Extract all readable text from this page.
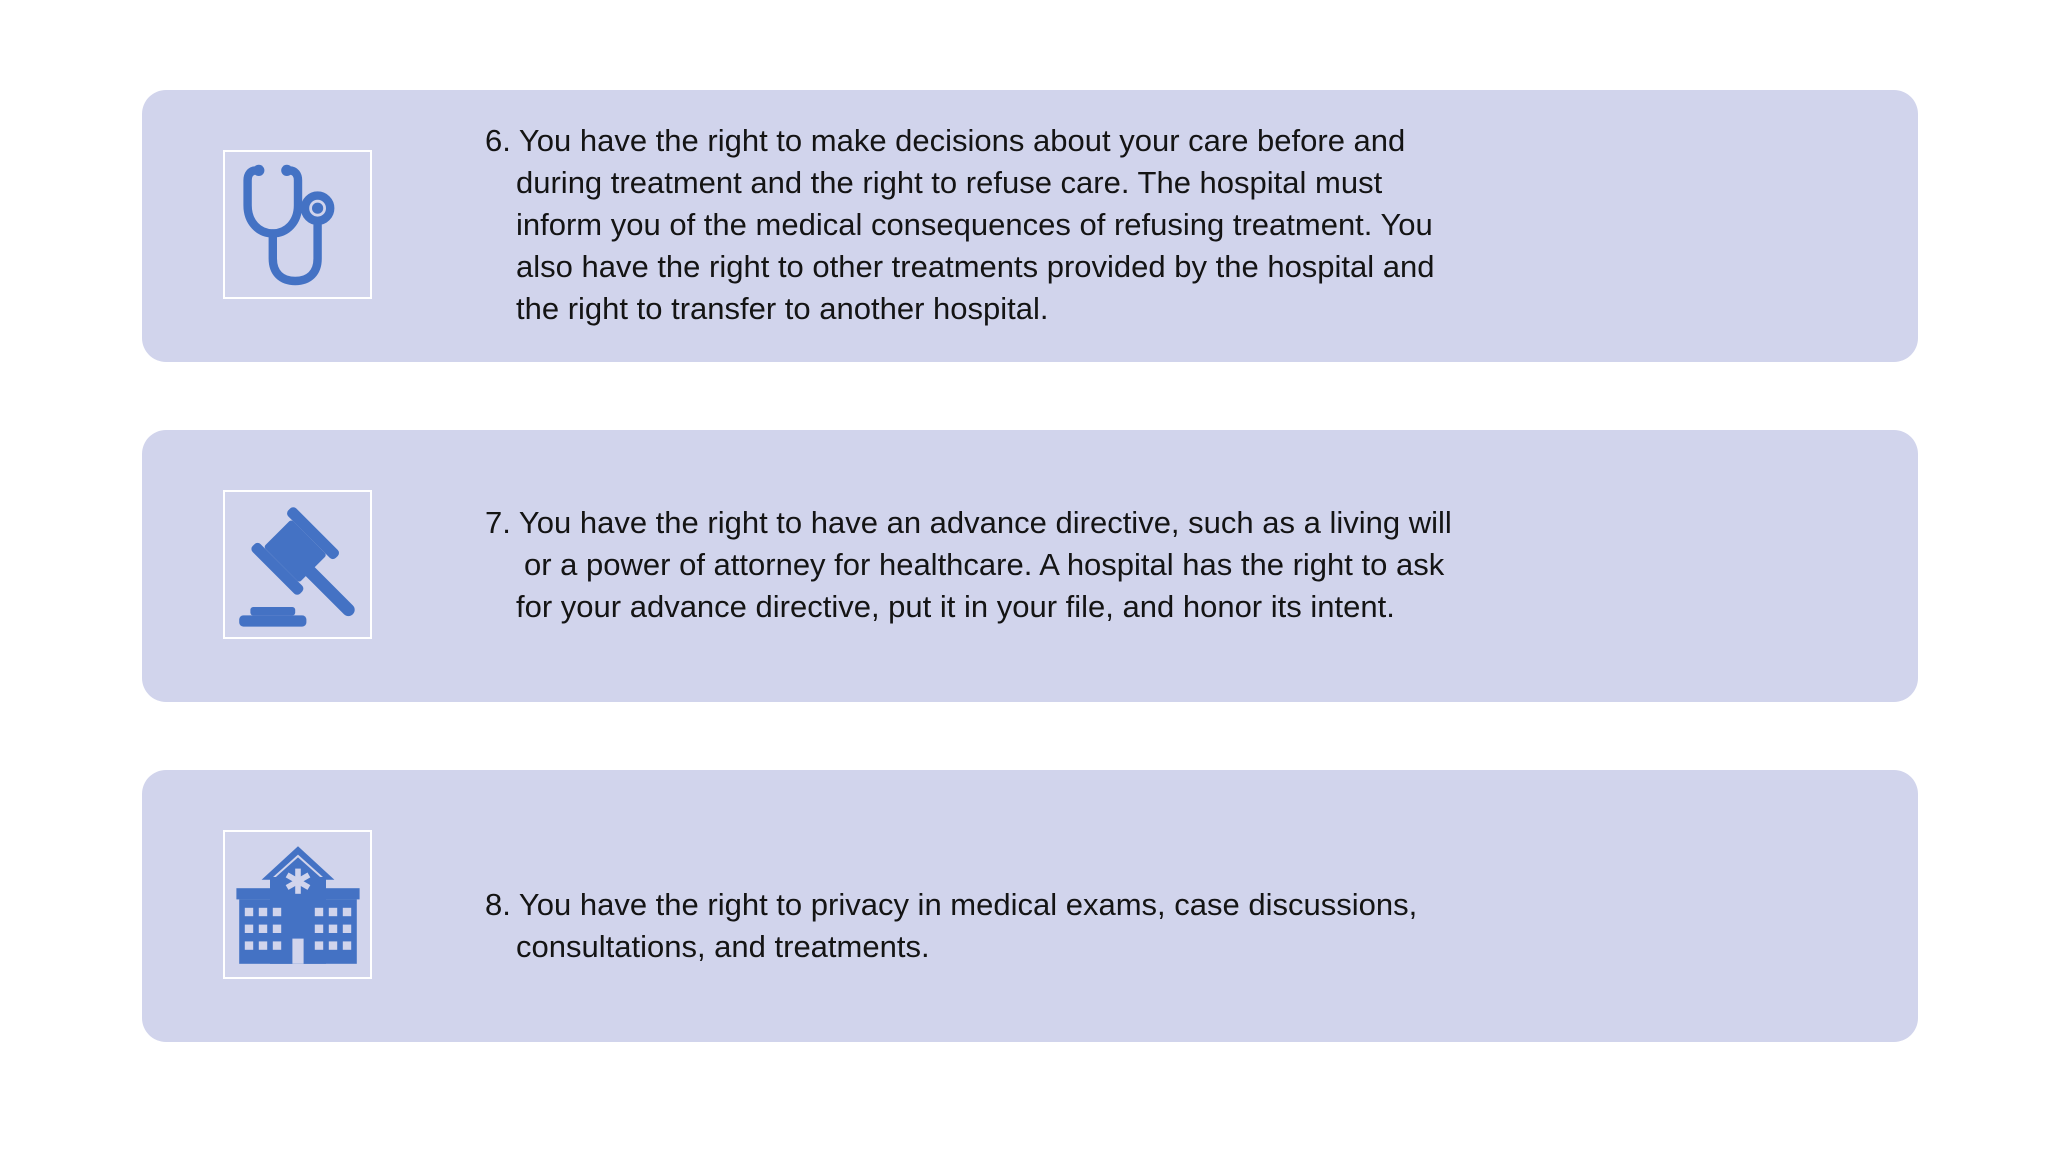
6. You have the right to make decisions about your care before and
during treatment and the right to refuse care. The hospital must
inform you of the medical consequences of refusing treatment. You
also have the right to other treatments provided by the hospital and
the right to transfer to another hospital.
7. You have the right to have an advance directive, such as a living will
or a power of attorney for healthcare. A hospital has the right to ask
for your advance directive, put it in your file, and honor its intent.
8. You have the right to privacy in medical exams, case discussions,
consultations, and treatments.
